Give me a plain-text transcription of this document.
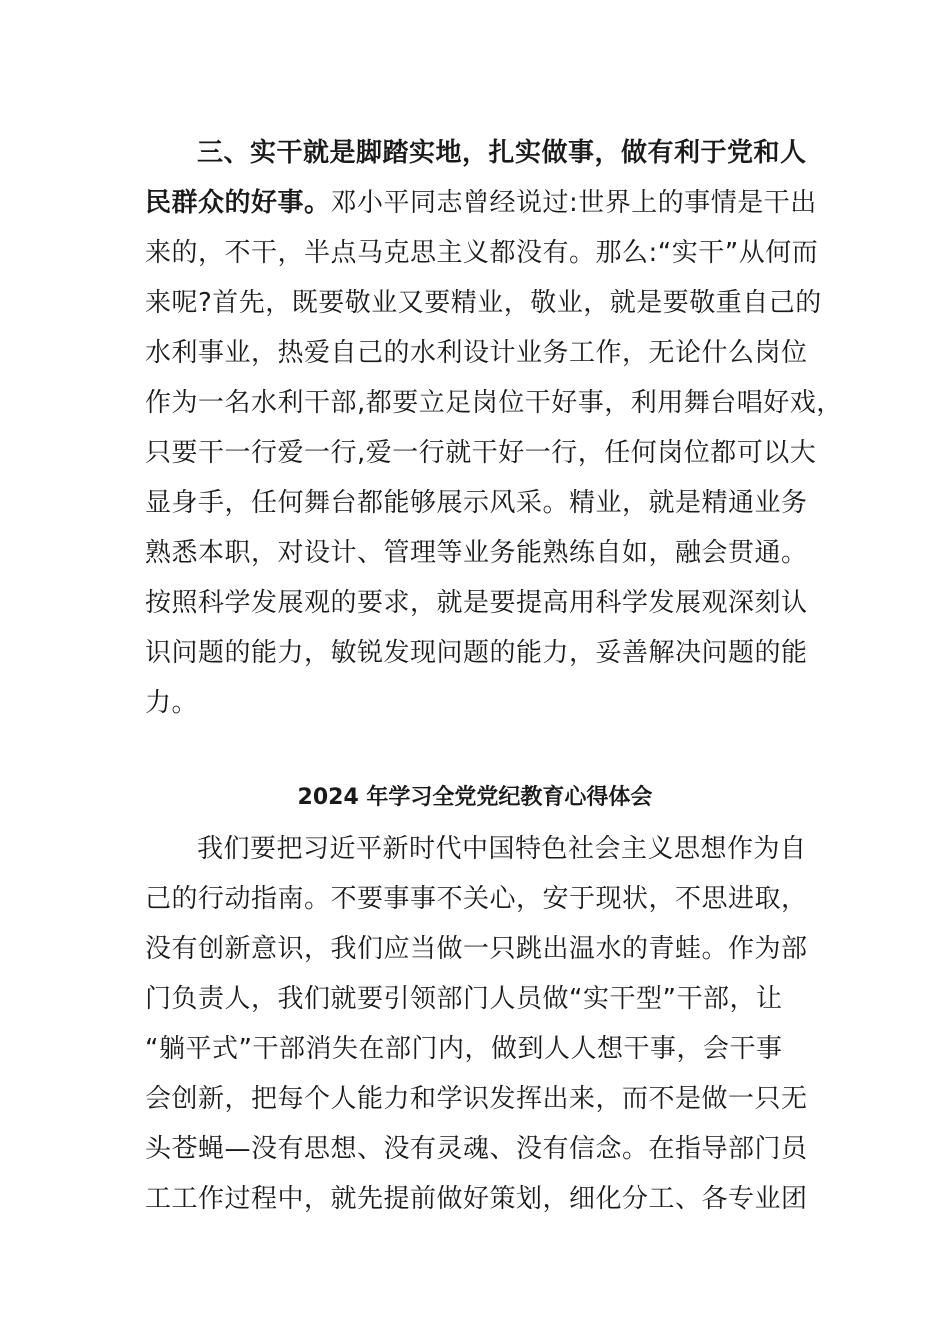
三、实干就是脚踏实地，扎实做事，做有利于党和人
民群众的好事。邓小平同志曾经说过:世界上的事情是干出
来的，不干，半点马克思主义都没有。那么:“实干”从何而
来呢?首先，既要敬业又要精业，敬业，就是要敬重自己的
水利事业，热爱自己的水利设计业务工作，无论什么岗位
作为一名水利干部,都要立足岗位干好事，利用舞台唱好戏，
只要干一行爱一行,爱一行就干好一行，任何岗位都可以大
显身手，任何舞台都能够展示风采。精业，就是精通业务
熟悉本职，对设计、管理等业务能熟练自如，融会贯通。
按照科学发展观的要求，就是要提高用科学发展观深刻认
识问题的能力，敏锐发现问题的能力，妥善解决问题的能
力。
2024 年学习全党党纪教育心得体会
我们要把习近平新时代中国特色社会主义思想作为自
己的行动指南。不要事事不关心，安于现状，不思进取，
没有创新意识，我们应当做一只跳出温水的青蛙。作为部
门负责人，我们就要引领部门人员做“实干型”干部，让
“躺平式”干部消失在部门内，做到人人想干事，会干事
会创新，把每个人能力和学识发挥出来，而不是做一只无
头苍蝇—没有思想、没有灵魂、没有信念。在指导部门员
工工作过程中，就先提前做好策划，细化分工、各专业团
